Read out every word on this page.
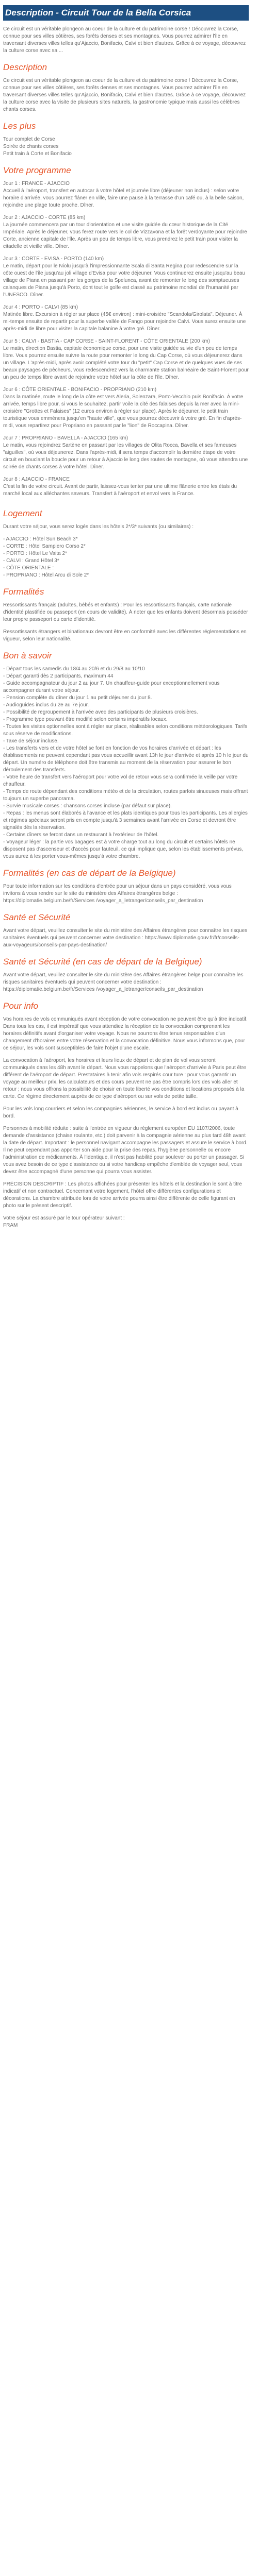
Description - Circuit Tour de la Bella Corsica

Ce circuit est un véritable plongeon au coeur de la culture et du patrimoine corse ! Découvrez la Corse, connue pour ses villes côtières, ses forêts denses et ses montagnes. Vous pourrez admirer l'île en traversant diverses villes telles qu'Ajaccio, Bonifacio, Calvi et bien d'autres. Grâce à ce voyage, découvrez la culture corse avec sa ...

Description

Ce circuit est un véritable plongeon au coeur de la culture et du patrimoine corse ! Découvrez la Corse, connue pour ses villes côtières, ses forêts denses et ses montagnes. Vous pourrez admirer l'île en traversant diverses villes telles qu'Ajaccio, Bonifacio, Calvi et bien d'autres. Grâce à ce voyage, découvrez la culture corse avec la visite de plusieurs sites naturels, la gastronomie typique mais aussi les célèbres chants corses.

Les plus

Tour complet de Corse
Soirée de chants corses
Petit train à Corte et Bonifacio

Votre programme

Jour 1 : FRANCE - AJACCIO
Accueil à l'aéroport, transfert en autocar à votre hôtel et journée libre (déjeuner non inclus) : selon votre horaire d'arrivée, vous pourrez flâner en ville, faire une pause à la terrasse d'un café ou, à la belle saison, rejoindre une plage toute proche. Dîner.

Jour 2 : AJACCIO - CORTE (85 km)
La journée commencera par un tour d'orientation et une visite guidée du cœur historique de la Cité Impériale. Après le déjeuner, vous ferez route vers le col de Vizzavona et la forêt verdoyante pour rejoindre Corte, ancienne capitale de l'île. Après un peu de temps libre, vous prendrez le petit train pour visiter la citadelle et vieille ville. Dîner.

Jour 3 : CORTE - EVISA - PORTO (140 km)
Le matin, départ pour le Niolu jusqu'à l'impressionnante Scala di Santa Regina pour redescendre sur la côte ouest de l'île jusqu'au joli village d'Evisa pour votre déjeuner. Vous continuerez ensuite jusqu'au beau village de Piana en passant par les gorges de la Spelunca, avant de remonter le long des somptueuses calanques de Piana jusqu'à Porto, dont tout le golfe est classé au patrimoine mondial de l'humanité par l'UNESCO. Dîner.

Jour 4 : PORTO - CALVI (85 km)
Matinée libre. Excursion à régler sur place (45€ environ) : mini-croisière "Scandola/Girolata". Déjeuner. À mi-temps ensuite de repartir pour la superbe vallée de Fango pour rejoindre Calvi. Vous aurez ensuite une après-midi de libre pour visiter la capitale balanine à votre gré. Dîner.

Jour 5 : CALVI - BASTIA - CAP CORSE - SAINT-FLORENT - CÔTE ORIENTALE (200 km)
Le matin, direction Bastia, capitale économique corse, pour une visite guidée suivie d'un peu de temps libre. Vous pourrez ensuite suivre la route pour remonter le long du Cap Corse, où vous déjeunerez dans un village. L'après-midi, après avoir complété votre tour du "petit" Cap Corse et de quelques vues de ses beaux paysages de pêcheurs, vous redescendrez vers la charmante station balnéaire de Saint-Florent pour un peu de temps libre avant de rejoindre votre hôtel sur la côte de l'île. Dîner.

Jour 6 : CÔTE ORIENTALE - BONIFACIO - PROPRIANO (210 km)
Dans la matinée, route le long de la côte est vers Aleria, Solenzara, Porto-Vecchio puis Bonifacio. À votre arrivée, temps libre pour, si vous le souhaitez, partir voile la cité des falaises depuis la mer avec la mini-croisière "Grottes et Falaises" (12 euros environ à régler sur place). Après le déjeuner, le petit train touristique vous emmènera jusqu'en "haute ville", que vous pourrez découvrir à votre gré. En fin d'après-midi, vous repartirez pour Propriano en passant par le "lion" de Roccapina. Dîner.

Jour 7 : PROPRIANO - BAVELLA - AJACCIO (165 km)
Le matin, vous rejoindrez Sartène en passant par les villages de Olita Rocca, Bavella et ses fameuses "aiguilles", où vous déjeunerez. Dans l'après-midi, il sera temps d'accomplir la dernière étape de votre circuit en bouclant la boucle pour un retour à Ajaccio le long des routes de montagne, où vous attendra une soirée de chants corses à votre hôtel. Dîner.

Jour 8 : AJACCIO - FRANCE
C'est la fin de votre circuit. Avant de partir, laissez-vous tenter par une ultime flânerie entre les étals du marché local aux alléchantes saveurs. Transfert à l'aéroport et envol vers la France.

Logement

Durant votre séjour, vous serez logés dans les hôtels 2*/3* suivants (ou similaires) :

- AJACCIO : Hôtel Sun Beach 3*
- CORTE : Hôtel Sampiero Corso 2*
- PORTO : Hôtel Le Vaita 2*
- CALVI : Grand Hôtel 3*
- CÔTE ORIENTALE :
- PROPRIANO : Hôtel Arcu di Sole 2*

Formalités

Ressortissants français (adultes, bébés et enfants) : Pour les ressortissants français, carte nationale d'identité plastifiée ou passeport (en cours de validité). À noter que les enfants doivent désormais posséder leur propre passeport ou carte d'identité.

Ressortissants étrangers et binationaux devront être en conformité avec les différentes réglementations en vigueur, selon leur nationalité.

Bon à savoir

- Départ tous les samedis du 18/4 au 20/6 et du 29/8 au 10/10
- Départ garanti dès 2 participants, maximum 44
- Guide accompagnateur du jour 2 au jour 7. Un chauffeur-guide pour exceptionnellement vous accompagner durant votre séjour.
- Pension complète du dîner du jour 1 au petit déjeuner du jour 8.
- Audioguides inclus du 2e au 7e jour.
- Possibilité de regroupement à l'arrivée avec des participants de plusieurs croisières.
- Programme type pouvant être modifié selon certains impératifs locaux.
- Toutes les visites optionnelles sont à régler sur place, réalisables selon conditions météorologiques. Tarifs sous réserve de modifications.
- Taxe de séjour incluse.
- Les transferts vers et de votre hôtel se font en fonction de vos horaires d'arrivée et départ : les établissements ne peuvent cependant pas vous accueillir avant 13h le jour d'arrivée et après 10 h le jour du départ. Un numéro de téléphone doit être transmis au moment de la réservation pour assurer le bon déroulement des transferts.
- Votre heure de transfert vers l'aéroport pour votre vol de retour vous sera confirmée la veille par votre chauffeur.
- Temps de route dépendant des conditions météo et de la circulation, routes parfois sinueuses mais offrant toujours un superbe panorama.
- Survie musicale corses : chansons corses incluse (par défaut sur place).
- Repas : les menus sont élaborés à l'avance et les plats identiques pour tous les participants. Les allergies et régimes spéciaux seront pris en compte jusqu'à 3 semaines avant l'arrivée en Corse et devront être signalés dès la réservation.
- Certains dîners se feront dans un restaurant à l'extérieur de l'hôtel.
- Voyageur léger : la partie vos bagages est à votre charge tout au long du circuit et certains hôtels ne disposent pas d'ascenseur et d'accès pour fauteuil, ce qui implique que, selon les établissements prévus, vous aurez à les porter vous-mêmes jusqu'à votre chambre.

Formalités (en cas de départ de la Belgique)

Pour toute information sur les conditions d'entrée pour un séjour dans un pays considéré, vous vous invitons à vous rendre sur le site du ministère des Affaires étrangères belge : https://diplomatie.belgium.be/fr/Services /voyager_a_letranger/conseils_par_destination

Santé et Sécurité

Avant votre départ, veuillez consulter le site du ministère des Affaires étrangères pour connaître les risques sanitaires éventuels qui peuvent concerner votre destination : https://www.diplomatie.gouv.fr/fr/conseils-aux-voyageurs/conseils-par-pays-destination/

Santé et Sécurité (en cas de départ de la Belgique)

Avant votre départ, veuillez consulter le site du ministère des Affaires étrangères belge pour connaître les risques sanitaires éventuels qui peuvent concerner votre destination : https://diplomatie.belgium.be/fr/Services /voyager_a_letranger/conseils_par_destination

Pour info

Vos horaires de vols communiqués avant réception de votre convocation ne peuvent être qu'à titre indicatif. Dans tous les cas, il est impératif que vous attendiez la réception de la convocation comprenant les horaires définitifs avant d'organiser votre voyage. Nous ne pourrons être tenus responsables d'un changement d'horaires entre votre réservation et la convocation définitive. Nous vous informons que, pour ce séjour, les vols sont susceptibles de faire l'objet d'une escale.

La convocation à l'aéroport, les horaires et leurs lieux de départ et de plan de vol vous seront communiqués dans les 48h avant le départ. Nous vous rappelons que l'aéroport d'arrivée à Paris peut être différent de l'aéroport de départ. Prestataires à tenir afin vols respirés cour ture : pour vous garantir un voyage au meilleur prix, les calculateurs et des cours peuvent ne pas être compris lors des vols aller et retour ; nous vous offrons la possibilité de choisir en toute liberté vos conditions et locations proposés à la carte. Ce régime directement auprès de ce type d'aéroport ou sur vols de petite taille.

Pour les vols long courriers et selon les compagnies aériennes, le service à bord est inclus ou payant à bord.

Personnes à mobilité réduite : suite à l'entrée en vigueur du règlement européen EU 1107/2006, toute demande d'assistance (chaise roulante, etc.) doit parvenir à la compagnie aérienne au plus tard 48h avant la date de départ. Important : le personnel navigant accompagne les passagers et assure le service à bord. Il ne peut cependant pas apporter son aide pour la prise des repas, l'hygiène personnelle ou encore l'administration de médicaments. À l'identique, il n'est pas habilité pour soulever ou porter un passager. Si vous avez besoin de ce type d'assistance ou si votre handicap empêche d'emblée de voyager seul, vous devez être accompagné d'une personne qui pourra vous assister.

PRÉCISION DESCRIPTIF : Les photos affichées pour présenter les hôtels et la destination le sont à titre indicatif et non contractuel. Concernant votre logement, l'hôtel offre différentes configurations et décorations. La chambre attribuée lors de votre arrivée pourra ainsi être différente de celle figurant en photo sur le présent descriptif.

Votre séjour est assuré par le tour opérateur suivant :
FRAM
